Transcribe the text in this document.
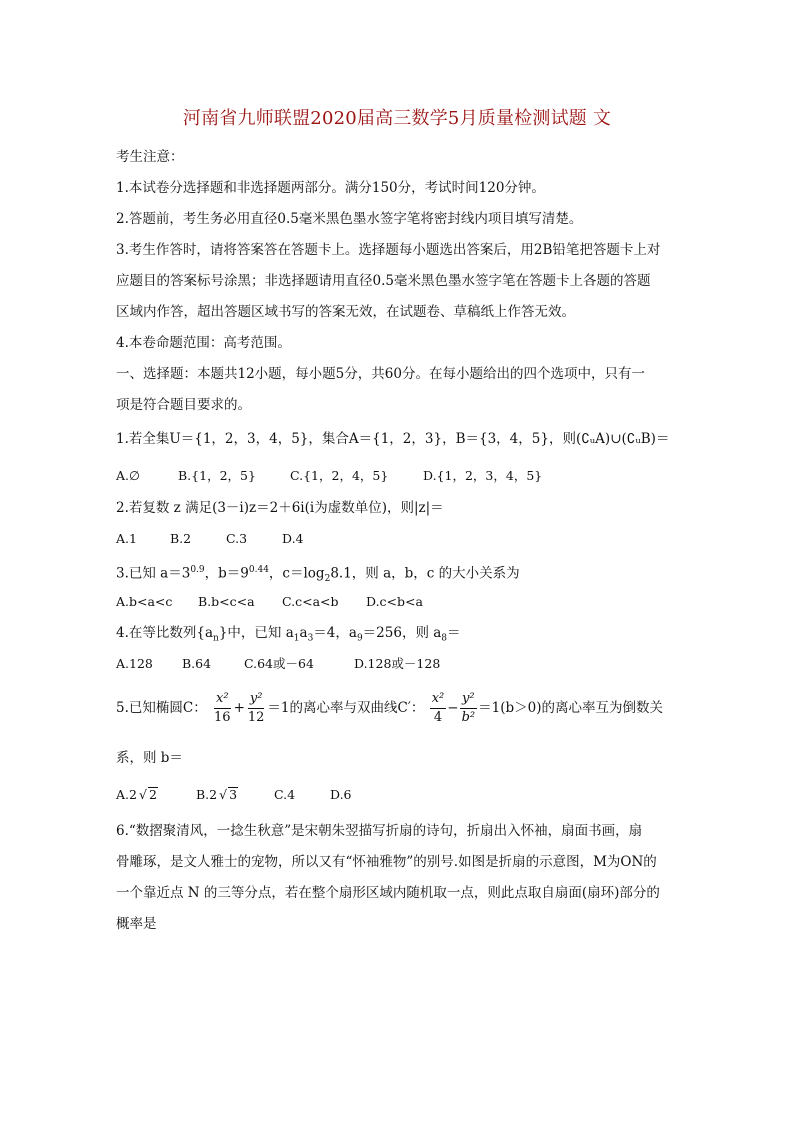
河南省九师联盟2020届高三数学5月质量检测试题 文
考生注意：
1.本试卷分选择题和非选择题两部分。满分150分，考试时间120分钟。
2.答题前，考生务必用直径0.5毫米黑色墨水签字笔将密封线内项目填写清楚。
3.考生作答时，请将答案答在答题卡上。选择题每小题选出答案后，用2B铅笔把答题卡上对
应题目的答案标号涂黑；非选择题请用直径0.5毫米黑色墨水签字笔在答题卡上各题的答题
区域内作答，超出答题区域书写的答案无效，在试题卷、草稿纸上作答无效。
4.本卷命题范围：高考范围。
一、选择题：本题共12小题，每小题5分，共60分。在每小题给出的四个选项中，只有一
项是符合题目要求的。
1.若全集U＝{1，2，3，4，5}，集合A＝{1，2，3}，B＝{3，4，5}，则(∁ᵤA)∪(∁ᵤB)＝
A.∅	B.{1，2，5}	C.{1，2，4，5}	D.{1，2，3，4，5}
2.若复数 z 满足(3－i)z＝2＋6i(i为虚数单位)，则|z|＝
A.1	B.2	C.3	D.4
3.已知 $a=3^{0.9}$，$b=9^{0.44}$，$c=\log_28.1$，则 a，b，c 的大小关系为
A.b<a<c B.b<c<a C.c<a<b D.c<b<a
4.在等比数列$\{a_n\}$中，已知 $a_1a_3=4$，$a_9=256$，则 $a_8=$
A.128 B.64	C.64或－64	D.128或－128
5.已知椭圆C： $\frac{\text{x²}}{16} + \frac{\text{y²}}{12} =1$的离心率与双曲线C′： $\frac{\text{x²}}{4} - \frac{\text{y²}}{\text{b²}} =1(b>0)$的离心率互为倒数关
系，则 b＝
A.2 √ 2	B.2 √ 3	C.4	D.6
6.“数摺聚清风，一捻生秋意”是宋朝朱翌描写折扇的诗句，折扇出入怀袖，扇面书画，扇
骨雕琢，是文人雅士的宠物，所以又有“怀袖雅物”的别号.如图是折扇的示意图，M为ON的
一个靠近点 N 的三等分点，若在整个扇形区域内随机取一点，则此点取自扇面(扇环)部分的
概率是
